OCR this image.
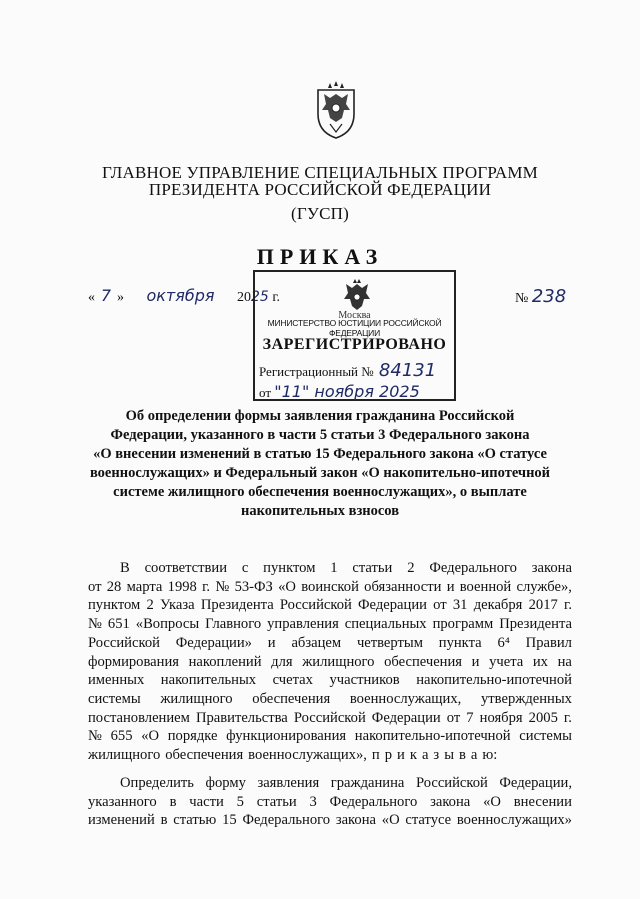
ГЛАВНОЕ УПРАВЛЕНИЕ СПЕЦИАЛЬНЫХ ПРОГРАММ
ПРЕЗИДЕНТА РОССИЙСКОЙ ФЕДЕРАЦИИ
(ГУСП)
ПРИКАЗ
« 7 » октября 2025 г.	№ 238
Москва
МИНИСТЕРСТВО ЮСТИЦИИ РОССИЙСКОЙ ФЕДЕРАЦИИ
ЗАРЕГИСТРИРОВАНО
Регистрационный № 84131
от "11" ноября 2025
Об определении формы заявления гражданина Российской
Федерации, указанного в части 5 статьи 3 Федерального закона
«О внесении изменений в статью 15 Федерального закона «О статусе
военнослужащих» и Федеральный закон «О накопительно-ипотечной
системе жилищного обеспечения военнослужащих», о выплате
накопительных взносов
В соответствии с пунктом 1 статьи 2 Федерального закона
от 28 марта 1998 г. № 53-ФЗ «О воинской обязанности и военной службе»,
пунктом 2 Указа Президента Российской Федерации от 31 декабря 2017 г.
№ 651 «Вопросы Главного управления специальных программ Президента
Российской Федерации» и абзацем четвертым пункта 6⁴ Правил
формирования накоплений для жилищного обеспечения и учета их на
именных накопительных счетах участников накопительно-ипотечной
системы жилищного обеспечения военнослужащих, утвержденных
постановлением Правительства Российской Федерации от 7 ноября 2005 г.
№ 655 «О порядке функционирования накопительно-ипотечной системы
жилищного обеспечения военнослужащих», п р и к а з ы в а ю:
Определить форму заявления гражданина Российской Федерации,
указанного в части 5 статьи 3 Федерального закона «О внесении
изменений в статью 15 Федерального закона «О статусе военнослужащих»
